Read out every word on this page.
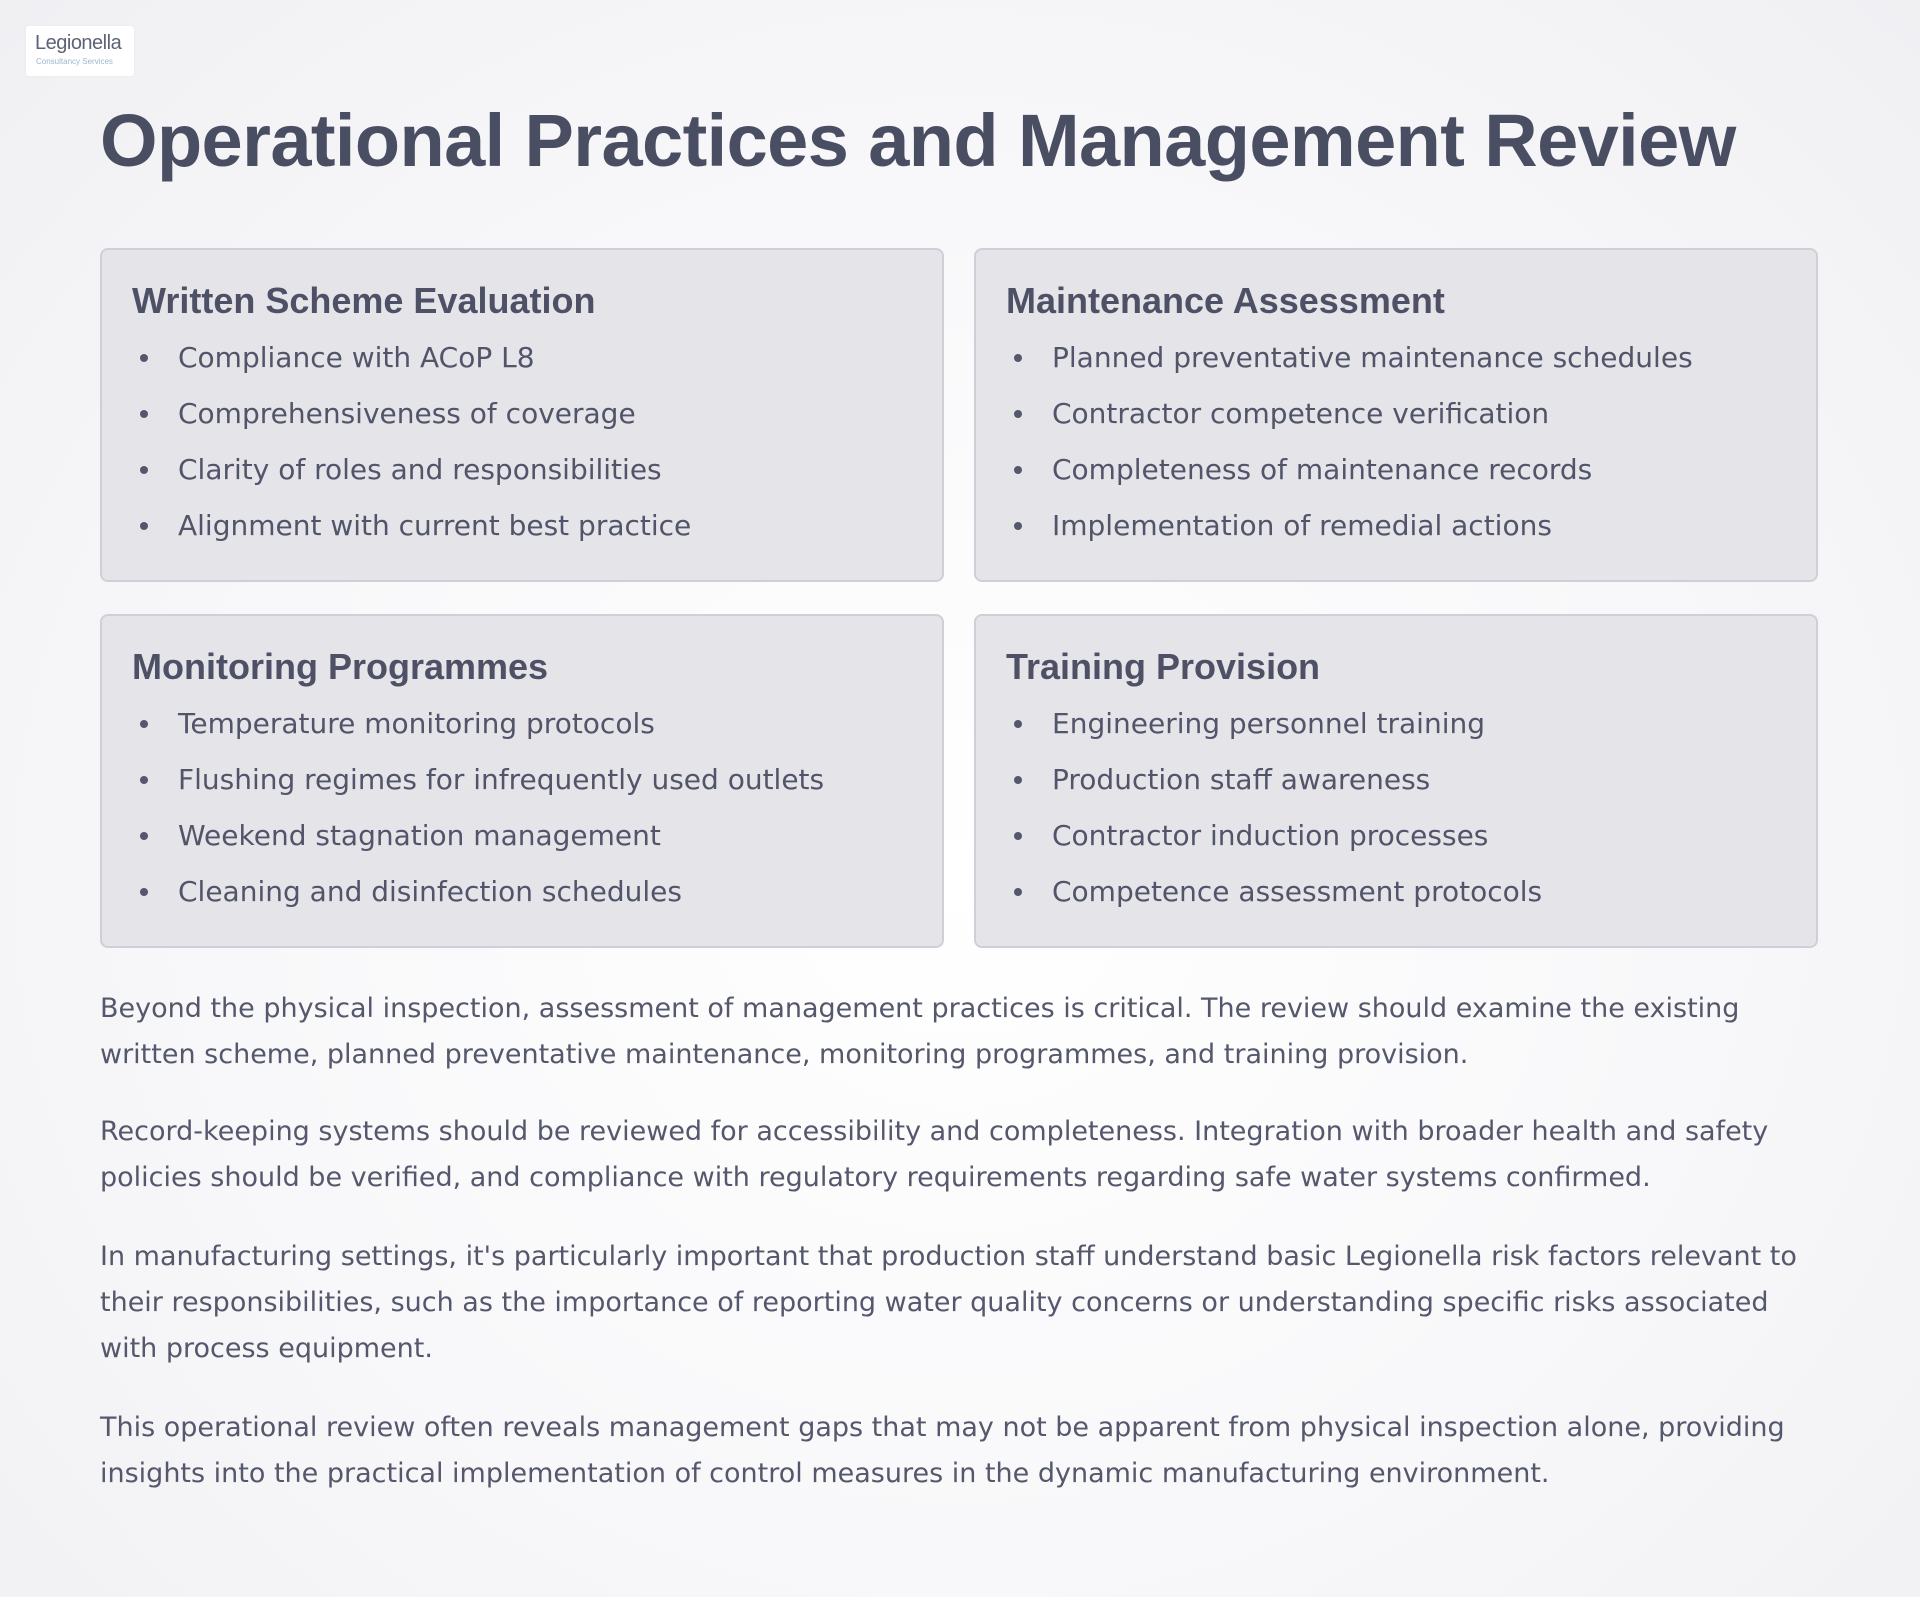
Legionella
Consultancy Services
Operational Practices and Management Review
Written Scheme Evaluation
Compliance with ACoP L8
Comprehensiveness of coverage
Clarity of roles and responsibilities
Alignment with current best practice
Maintenance Assessment
Planned preventative maintenance schedules
Contractor competence verification
Completeness of maintenance records
Implementation of remedial actions
Monitoring Programmes
Temperature monitoring protocols
Flushing regimes for infrequently used outlets
Weekend stagnation management
Cleaning and disinfection schedules
Training Provision
Engineering personnel training
Production staff awareness
Contractor induction processes
Competence assessment protocols

Beyond the physical inspection, assessment of management practices is critical. The review should examine the existing written scheme, planned preventative maintenance, monitoring programmes, and training provision.

Record-keeping systems should be reviewed for accessibility and completeness. Integration with broader health and safety policies should be verified, and compliance with regulatory requirements regarding safe water systems confirmed.

In manufacturing settings, it's particularly important that production staff understand basic Legionella risk factors relevant to their responsibilities, such as the importance of reporting water quality concerns or understanding specific risks associated with process equipment.

This operational review often reveals management gaps that may not be apparent from physical inspection alone, providing insights into the practical implementation of control measures in the dynamic manufacturing environment.
